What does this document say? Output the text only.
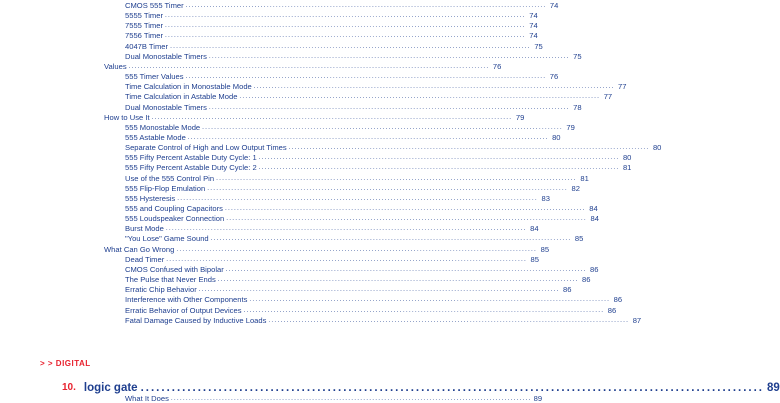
CMOS 555 Timer ........................................................................................................................ 74
5555 Timer ........................................................................................................................ 74
7555 Timer ........................................................................................................................ 74
7556 Timer ........................................................................................................................ 74
4047B Timer ........................................................................................................................ 75
Dual Monostable Timers ........................................................................................................................ 75
Values ........................................................................................................................ 76
555 Timer Values ........................................................................................................................ 76
Time Calculation in Monostable Mode ........................................................................................................................ 77
Time Calculation in Astable Mode ........................................................................................................................ 77
Dual Monostable Timers ........................................................................................................................ 78
How to Use It ........................................................................................................................ 79
555 Monostable Mode ........................................................................................................................ 79
555 Astable Mode ........................................................................................................................ 80
Separate Control of High and Low Output Times ........................................................................................................................ 80
555 Fifty Percent Astable Duty Cycle: 1 ........................................................................................................................ 80
555 Fifty Percent Astable Duty Cycle: 2 ........................................................................................................................ 81
Use of the 555 Control Pin ........................................................................................................................ 81
555 Flip-Flop Emulation ........................................................................................................................ 82
555 Hysteresis ........................................................................................................................ 83
555 and Coupling Capacitors ........................................................................................................................ 84
555 Loudspeaker Connection ........................................................................................................................ 84
Burst Mode ........................................................................................................................ 84
"You Lose" Game Sound ........................................................................................................................ 85
What Can Go Wrong ........................................................................................................................ 85
Dead Timer ........................................................................................................................ 85
CMOS Confused with Bipolar ........................................................................................................................ 86
The Pulse that Never Ends ........................................................................................................................ 86
Erratic Chip Behavior ........................................................................................................................ 86
Interference with Other Components ........................................................................................................................ 86
Erratic Behavior of Output Devices ........................................................................................................................ 86
Fatal Damage Caused by Inductive Loads ........................................................................................................................ 87
> > DIGITAL
10. logic gate ........................................................................................................................ 89
What It Does ........................................................................................................................ 89
